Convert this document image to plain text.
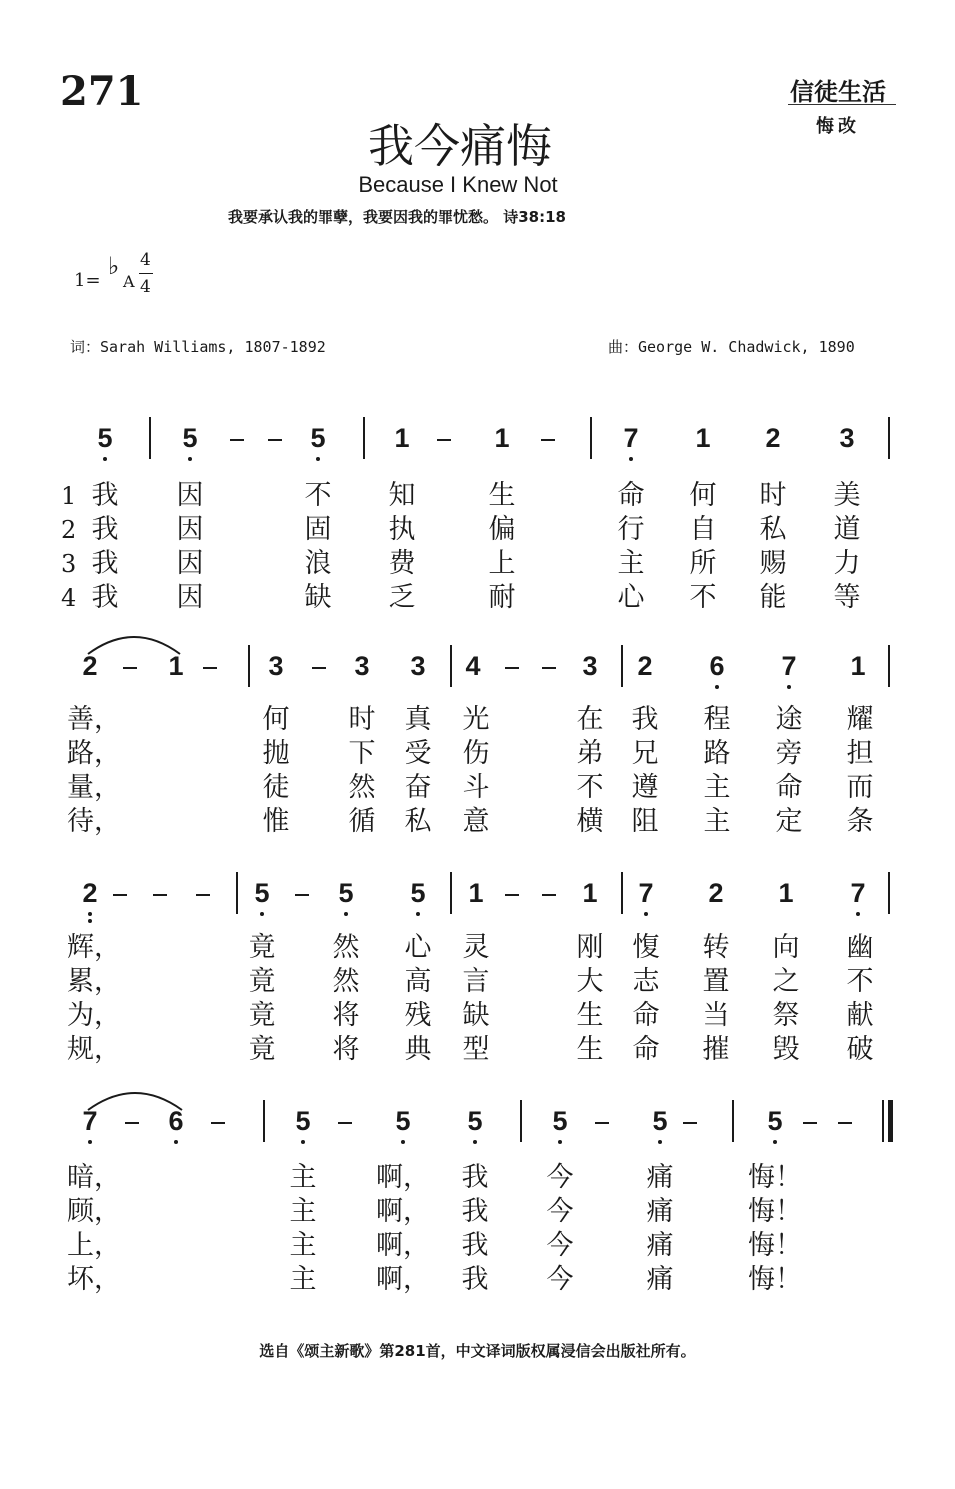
271	信徒生活
悔改
我今痛悔
Because I Knew Not
我要承认我的罪孽，我要因我的罪忧愁。 诗38:18
1=
♭
A
4
4
词：Sarah Williams, 1807-1892	曲：George W. Chadwick, 1890
5	5	5	1	1	7 1 2 3
1 我 因	不 知	生	命 何 时 美
2 我 因	固 执	偏	行 自 私 道
3 我 因	浪 费	上	主 所 赐 力
4 我 因	缺 乏	耐	心 不 能 等
2	1	3	3 3 4	3 2 6 7 1
善，	何 时 真 光	在 我 程 途 耀
路，	抛 下 受 伤	弟 兄 路 旁 担
量，	徒 然 奋 斗	不 遵 主 命 而
待，	惟 循 私 意	横 阻 主 定 条
2	5	5 5 1	1 7 2 1 7
辉，	竟 然 心 灵	刚 愎 转 向 幽
累，	竟 然 高 言	大 志 置 之 不
为，	竟 将 残 缺	生 命 当 祭 献
规，	竟 将 典 型	生 命 摧 毁 破
7	6	5	5 5	5	5	5
暗，	主 啊， 我 今	痛	悔！
顾，	主 啊， 我 今	痛	悔！
上，	主 啊， 我 今	痛	悔！
坏，	主 啊， 我 今	痛	悔！
选自《颂主新歌》第281首，中文译词版权属浸信会出版社所有。
